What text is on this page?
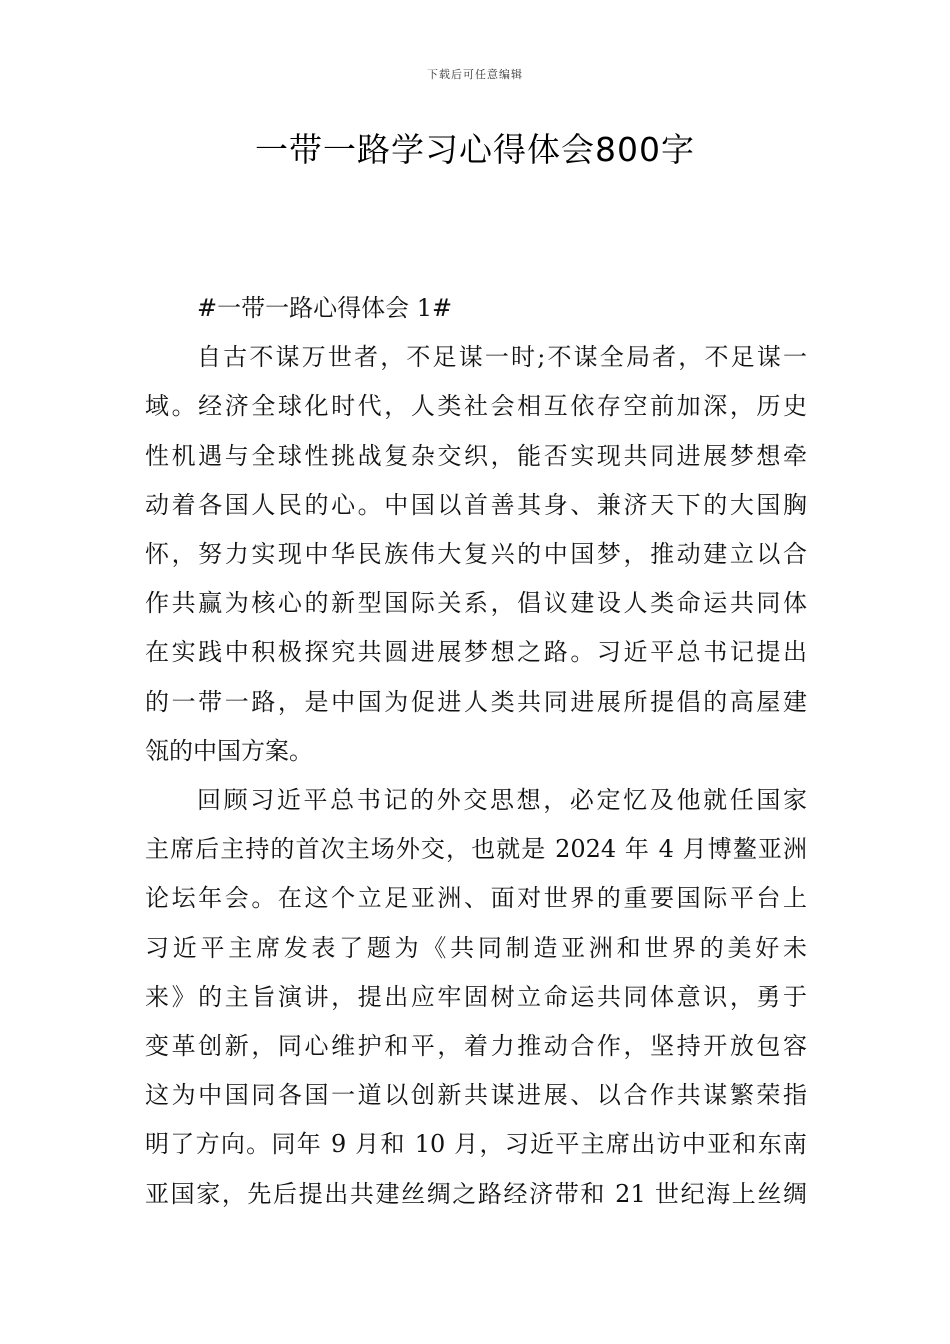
下载后可任意编辑
一带一路学习心得体会800字
#一带一路心得体会 1#
自古不谋万世者，不足谋一时;不谋全局者，不足谋一
域。经济全球化时代，人类社会相互依存空前加深，历史
性机遇与全球性挑战复杂交织，能否实现共同进展梦想牵
动着各国人民的心。中国以首善其身、兼济天下的大国胸
怀，努力实现中华民族伟大复兴的中国梦，推动建立以合
作共赢为核心的新型国际关系，倡议建设人类命运共同体
在实践中积极探究共圆进展梦想之路。习近平总书记提出
的一带一路，是中国为促进人类共同进展所提倡的高屋建
瓴的中国方案。
回顾习近平总书记的外交思想，必定忆及他就任国家
主席后主持的首次主场外交，也就是 2024 年 4 月博鳌亚洲
论坛年会。在这个立足亚洲、面对世界的重要国际平台上
习近平主席发表了题为《共同制造亚洲和世界的美好未
来》的主旨演讲，提出应牢固树立命运共同体意识，勇于
变革创新，同心维护和平，着力推动合作，坚持开放包容
这为中国同各国一道以创新共谋进展、以合作共谋繁荣指
明了方向。同年 9 月和 10 月，习近平主席出访中亚和东南
亚国家，先后提出共建丝绸之路经济带和 21 世纪海上丝绸
